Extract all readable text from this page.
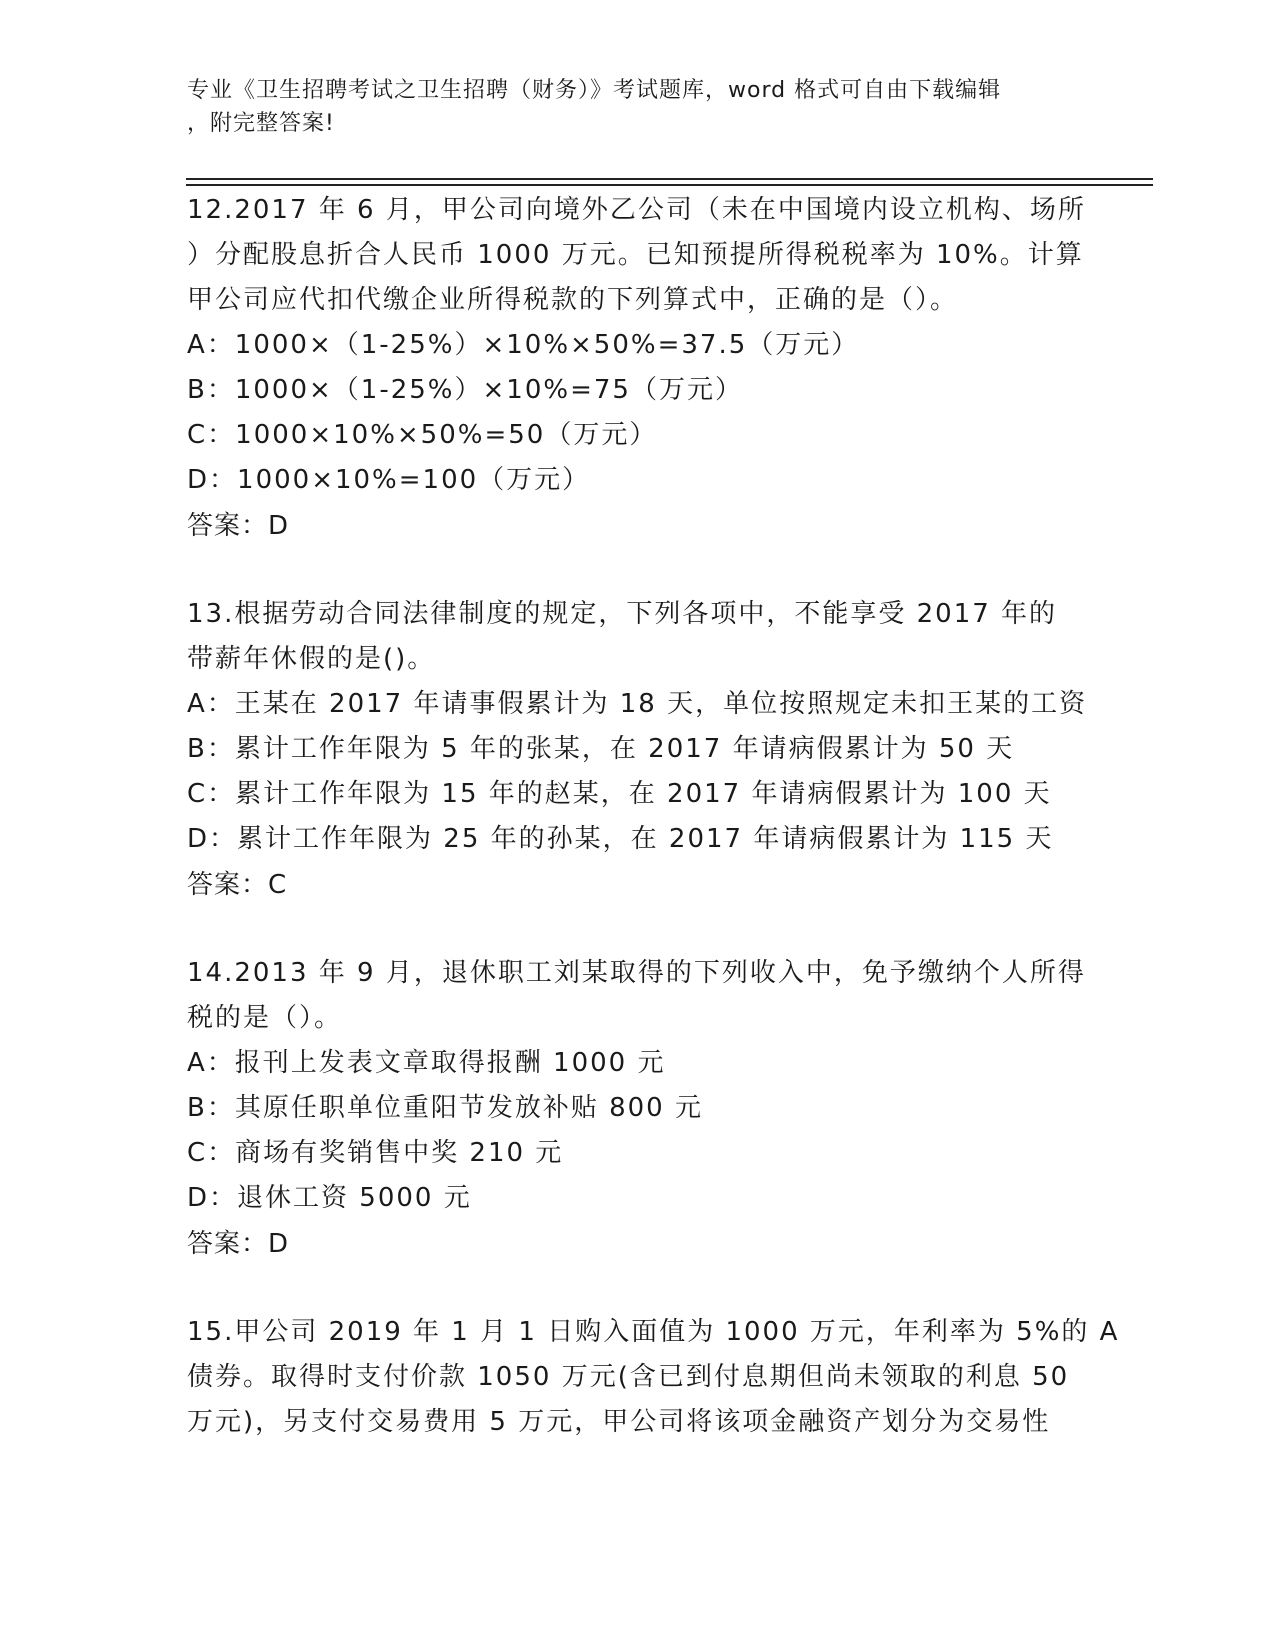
专业《卫生招聘考试之卫生招聘（财务）》考试题库，word 格式可自由下载编辑
，附完整答案!
12.2017 年 6 月，甲公司向境外乙公司（未在中国境内设立机构、场所
）分配股息折合人民币 1000 万元。已知预提所得税税率为 10%。计算
甲公司应代扣代缴企业所得税款的下列算式中，正确的是（）。
A：1000×（1-25%）×10%×50%=37.5（万元）
B：1000×（1-25%）×10%=75（万元）
C：1000×10%×50%=50（万元）
D：1000×10%=100（万元）
答案：D
13.根据劳动合同法律制度的规定，下列各项中，不能享受 2017 年的
带薪年休假的是()。
A：王某在 2017 年请事假累计为 18 天，单位按照规定未扣王某的工资
B：累计工作年限为 5 年的张某，在 2017 年请病假累计为 50 天
C：累计工作年限为 15 年的赵某，在 2017 年请病假累计为 100 天
D：累计工作年限为 25 年的孙某，在 2017 年请病假累计为 115 天
答案：C
14.2013 年 9 月，退休职工刘某取得的下列收入中，免予缴纳个人所得
税的是（）。
A：报刊上发表文章取得报酬 1000 元
B：其原任职单位重阳节发放补贴 800 元
C：商场有奖销售中奖 210 元
D：退休工资 5000 元
答案：D
15.甲公司 2019 年 1 月 1 日购入面值为 1000 万元，年利率为 5%的 A
债券。取得时支付价款 1050 万元(含已到付息期但尚未领取的利息 50
万元)，另支付交易费用 5 万元，甲公司将该项金融资产划分为交易性
